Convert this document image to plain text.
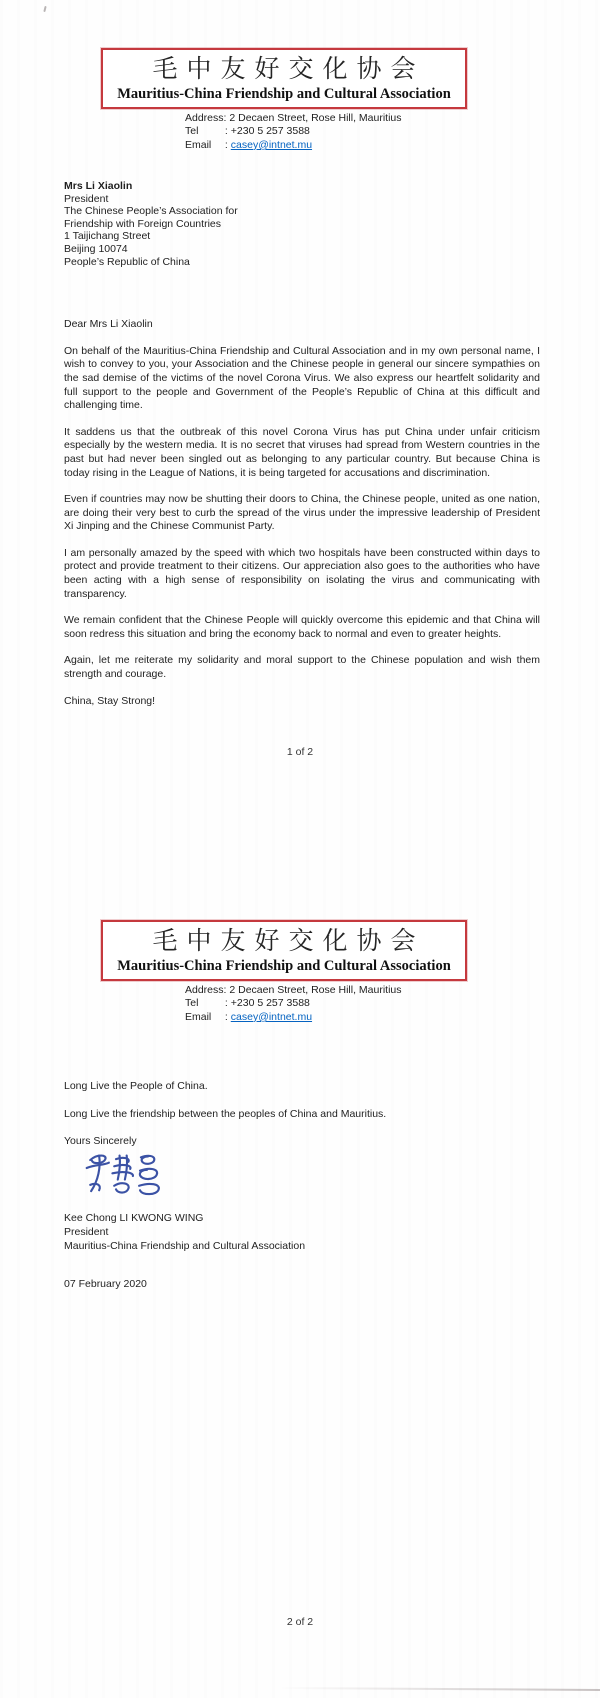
毛中友好交化协会
Mauritius-China Friendship and Cultural Association
Address: 2 Decaen Street, Rose Hill, Mauritius
Tel	: +230 5 257 3588
Email : casey@intnet.mu
Mrs Li Xiaolin
President
The Chinese People’s Association for
Friendship with Foreign Countries
1 Taijichang Street
Beijing 10074
People’s Republic of China

Dear Mrs Li Xiaolin

On behalf of the Mauritius-China Friendship and Cultural Association and in my own personal name, I wish to convey to you, your Association and the Chinese people in general our sincere sympathies on the sad demise of the victims of the novel Corona Virus. We also express our heartfelt solidarity and full support to the people and Government of the People’s Republic of China at this difficult and challenging time.

It saddens us that the outbreak of this novel Corona Virus has put China under unfair criticism especially by the western media. It is no secret that viruses had spread from Western countries in the past but had never been singled out as belonging to any particular country. But because China is today rising in the League of Nations, it is being targeted for accusations and discrimination.

Even if countries may now be shutting their doors to China, the Chinese people, united as one nation, are doing their very best to curb the spread of the virus under the impressive leadership of President Xi Jinping and the Chinese Communist Party.

I am personally amazed by the speed with which two hospitals have been constructed within days to protect and provide treatment to their citizens. Our appreciation also goes to the authorities who have been acting with a high sense of responsibility on isolating the virus and communicating with transparency.

We remain confident that the Chinese People will quickly overcome this epidemic and that China will soon redress this situation and bring the economy back to normal and even to greater heights.

Again, let me reiterate my solidarity and moral support to the Chinese population and wish them strength and courage.

China, Stay Strong!

1 of 2
毛中友好交化协会
Mauritius-China Friendship and Cultural Association
Address: 2 Decaen Street, Rose Hill, Mauritius
Tel	: +230 5 257 3588
Email : casey@intnet.mu

Long Live the People of China.

Long Live the friendship between the peoples of China and Mauritius.

Yours Sincerely

Kee Chong LI KWONG WING
President
Mauritius-China Friendship and Cultural Association
07 February 2020
2 of 2
